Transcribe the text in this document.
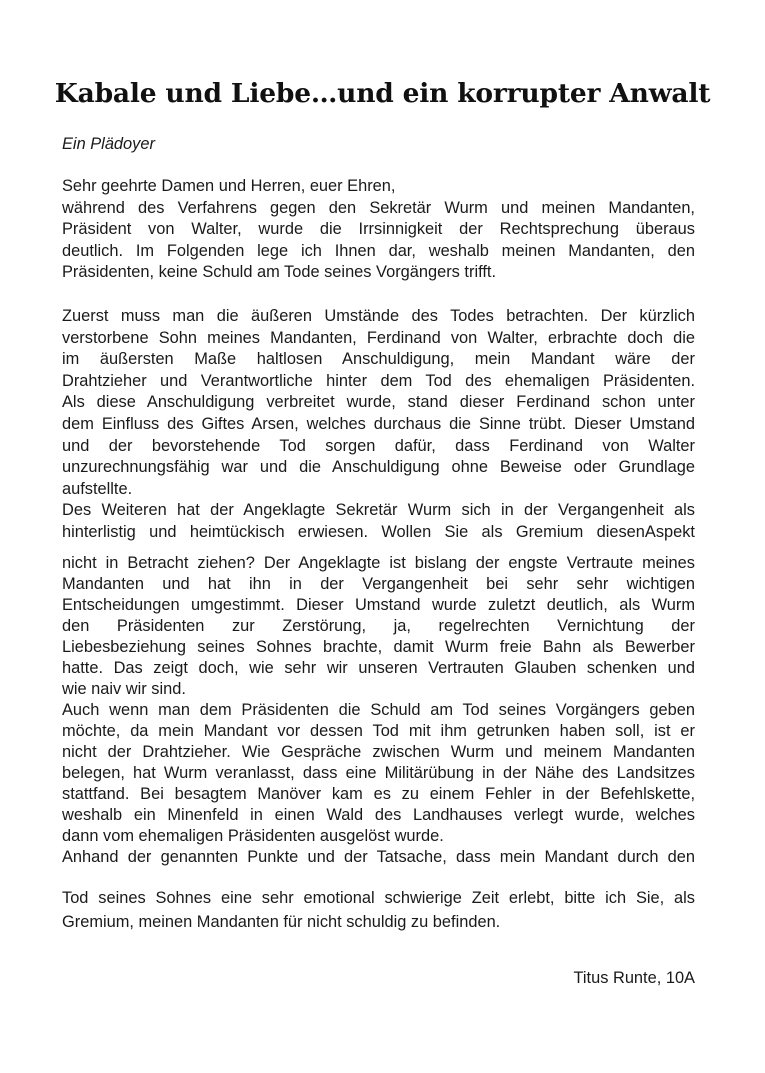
Kabale und Liebe…und ein korrupter Anwalt

Ein Plädoyer

Sehr geehrte Damen und Herren, euer Ehren,
während des Verfahrens gegen den Sekretär Wurm und meinen Mandanten,
Präsident von Walter, wurde die Irrsinnigkeit der Rechtsprechung überaus
deutlich. Im Folgenden lege ich Ihnen dar, weshalb meinen Mandanten, den
Präsidenten, keine Schuld am Tode seines Vorgängers trifft.
Zuerst muss man die äußeren Umstände des Todes betrachten. Der kürzlich
verstorbene Sohn meines Mandanten, Ferdinand von Walter, erbrachte doch die
im äußersten Maße haltlosen Anschuldigung, mein Mandant wäre der
Drahtzieher und Verantwortliche hinter dem Tod des ehemaligen Präsidenten.
Als diese Anschuldigung verbreitet wurde, stand dieser Ferdinand schon unter
dem Einfluss des Giftes Arsen, welches durchaus die Sinne trübt. Dieser Umstand
und der bevorstehende Tod sorgen dafür, dass Ferdinand von Walter
unzurechnungsfähig war und die Anschuldigung ohne Beweise oder Grundlage
aufstellte.
Des Weiteren hat der Angeklagte Sekretär Wurm sich in der Vergangenheit als
hinterlistig und heimtückisch erwiesen. Wollen Sie als Gremium diesenAspekt
nicht in Betracht ziehen? Der Angeklagte ist bislang der engste Vertraute meines
Mandanten und hat ihn in der Vergangenheit bei sehr sehr wichtigen
Entscheidungen umgestimmt. Dieser Umstand wurde zuletzt deutlich, als Wurm
den Präsidenten zur Zerstörung, ja, regelrechten Vernichtung der
Liebesbeziehung seines Sohnes brachte, damit Wurm freie Bahn als Bewerber
hatte. Das zeigt doch, wie sehr wir unseren Vertrauten Glauben schenken und
wie naiv wir sind.
Auch wenn man dem Präsidenten die Schuld am Tod seines Vorgängers geben
möchte, da mein Mandant vor dessen Tod mit ihm getrunken haben soll, ist er
nicht der Drahtzieher. Wie Gespräche zwischen Wurm und meinem Mandanten
belegen, hat Wurm veranlasst, dass eine Militärübung in der Nähe des Landsitzes
stattfand. Bei besagtem Manöver kam es zu einem Fehler in der Befehlskette,
weshalb ein Minenfeld in einen Wald des Landhauses verlegt wurde, welches
dann vom ehemaligen Präsidenten ausgelöst wurde.
Anhand der genannten Punkte und der Tatsache, dass mein Mandant durch den
Tod seines Sohnes eine sehr emotional schwierige Zeit erlebt, bitte ich Sie, als
Gremium, meinen Mandanten für nicht schuldig zu befinden.

Titus Runte, 10A
